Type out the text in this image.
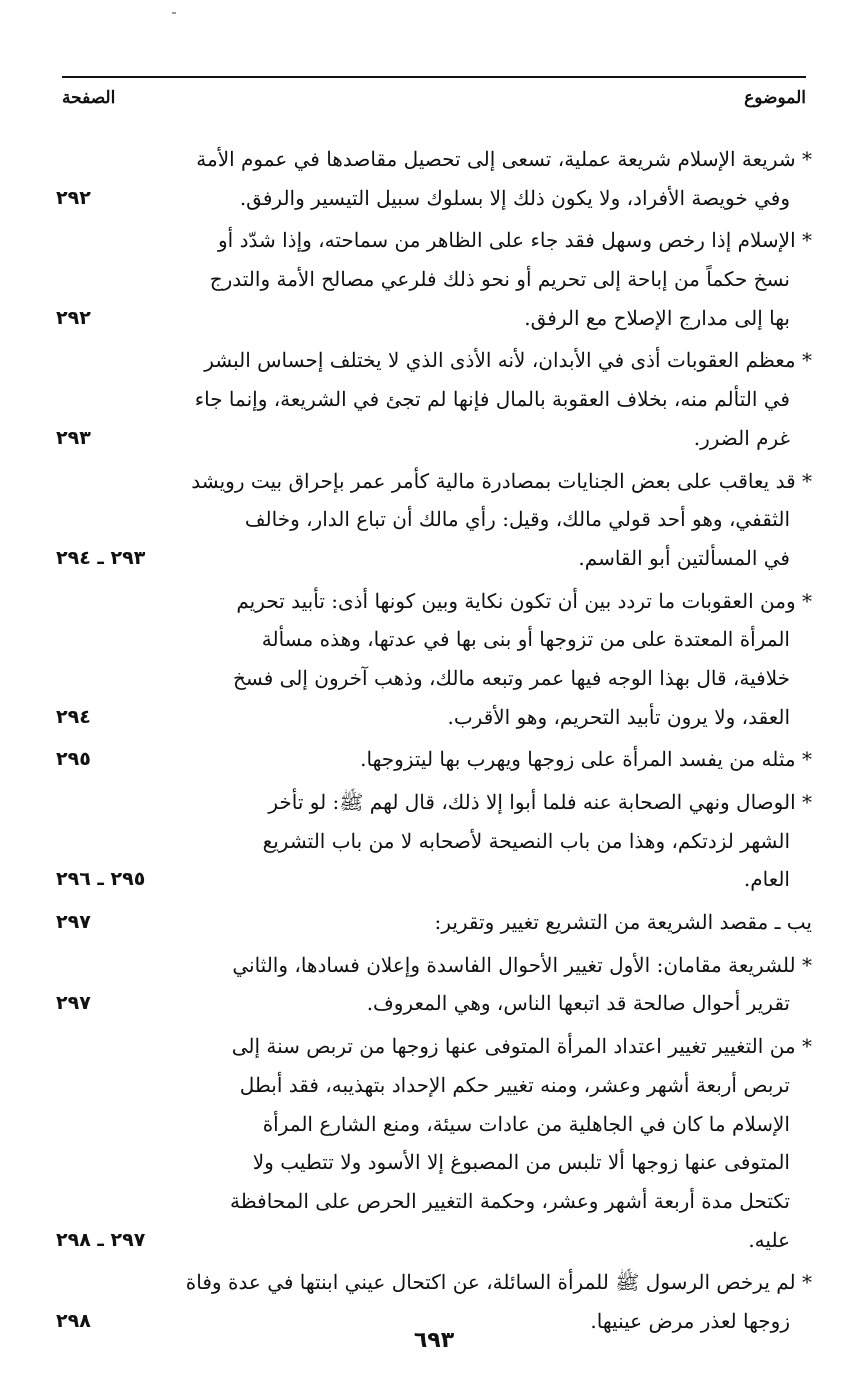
الموضوع
الصفحة
* شريعة الإسلام شريعة عملية، تسعى إلى تحصيل مقاصدها في عموم الأمة
وفي خويصة الأفراد، ولا يكون ذلك إلا بسلوك سبيل التيسير والرفق.
٢٩٢
* الإسلام إذا رخص وسهل فقد جاء على الظاهر من سماحته، وإذا شدّد أو
نسخ حكماً من إباحة إلى تحريم أو نحو ذلك فلرعي مصالح الأمة والتدرج
بها إلى مدارج الإصلاح مع الرفق.
٢٩٢
* معظم العقوبات أذى في الأبدان، لأنه الأذى الذي لا يختلف إحساس البشر
في التألم منه، بخلاف العقوبة بالمال فإنها لم تجئ في الشريعة، وإنما جاء
غرم الضرر.
٢٩٣
* قد يعاقب على بعض الجنايات بمصادرة مالية كأمر عمر بإحراق بيت رويشد
الثقفي، وهو أحد قولي مالك، وقيل: رأي مالك أن تباع الدار، وخالف
في المسألتين أبو القاسم.
٢٩٣ ـ ٢٩٤
* ومن العقوبات ما تردد بين أن تكون نكاية وبين كونها أذى: تأبيد تحريم
المرأة المعتدة على من تزوجها أو بنى بها في عدتها، وهذه مسألة
خلافية، قال بهذا الوجه فيها عمر وتبعه مالك، وذهب آخرون إلى فسخ
العقد، ولا يرون تأبيد التحريم، وهو الأقرب.
٢٩٤
* مثله من يفسد المرأة على زوجها ويهرب بها ليتزوجها.
٢٩٥
* الوصال ونهي الصحابة عنه فلما أبوا إلا ذلك، قال لهم ﷺ: لو تأخر
الشهر لزدتكم، وهذا من باب النصيحة لأصحابه لا من باب التشريع
العام.
٢٩٥ ـ ٢٩٦
يب ـ مقصد الشريعة من التشريع تغيير وتقرير:
٢٩٧
* للشريعة مقامان: الأول تغيير الأحوال الفاسدة وإعلان فسادها، والثاني
تقرير أحوال صالحة قد اتبعها الناس، وهي المعروف.
٢٩٧
* من التغيير تغيير اعتداد المرأة المتوفى عنها زوجها من تربص سنة إلى
تربص أربعة أشهر وعشر، ومنه تغيير حكم الإحداد بتهذيبه، فقد أبطل
الإسلام ما كان في الجاهلية من عادات سيئة، ومنع الشارع المرأة
المتوفى عنها زوجها ألا تلبس من المصبوغ إلا الأسود ولا تتطيب ولا
تكتحل مدة أربعة أشهر وعشر، وحكمة التغيير الحرص على المحافظة
عليه.
٢٩٧ ـ ٢٩٨
* لم يرخص الرسول ﷺ للمرأة السائلة، عن اكتحال عيني ابنتها في عدة وفاة
زوجها لعذر مرض عينيها.
٢٩٨
٦٩٣
